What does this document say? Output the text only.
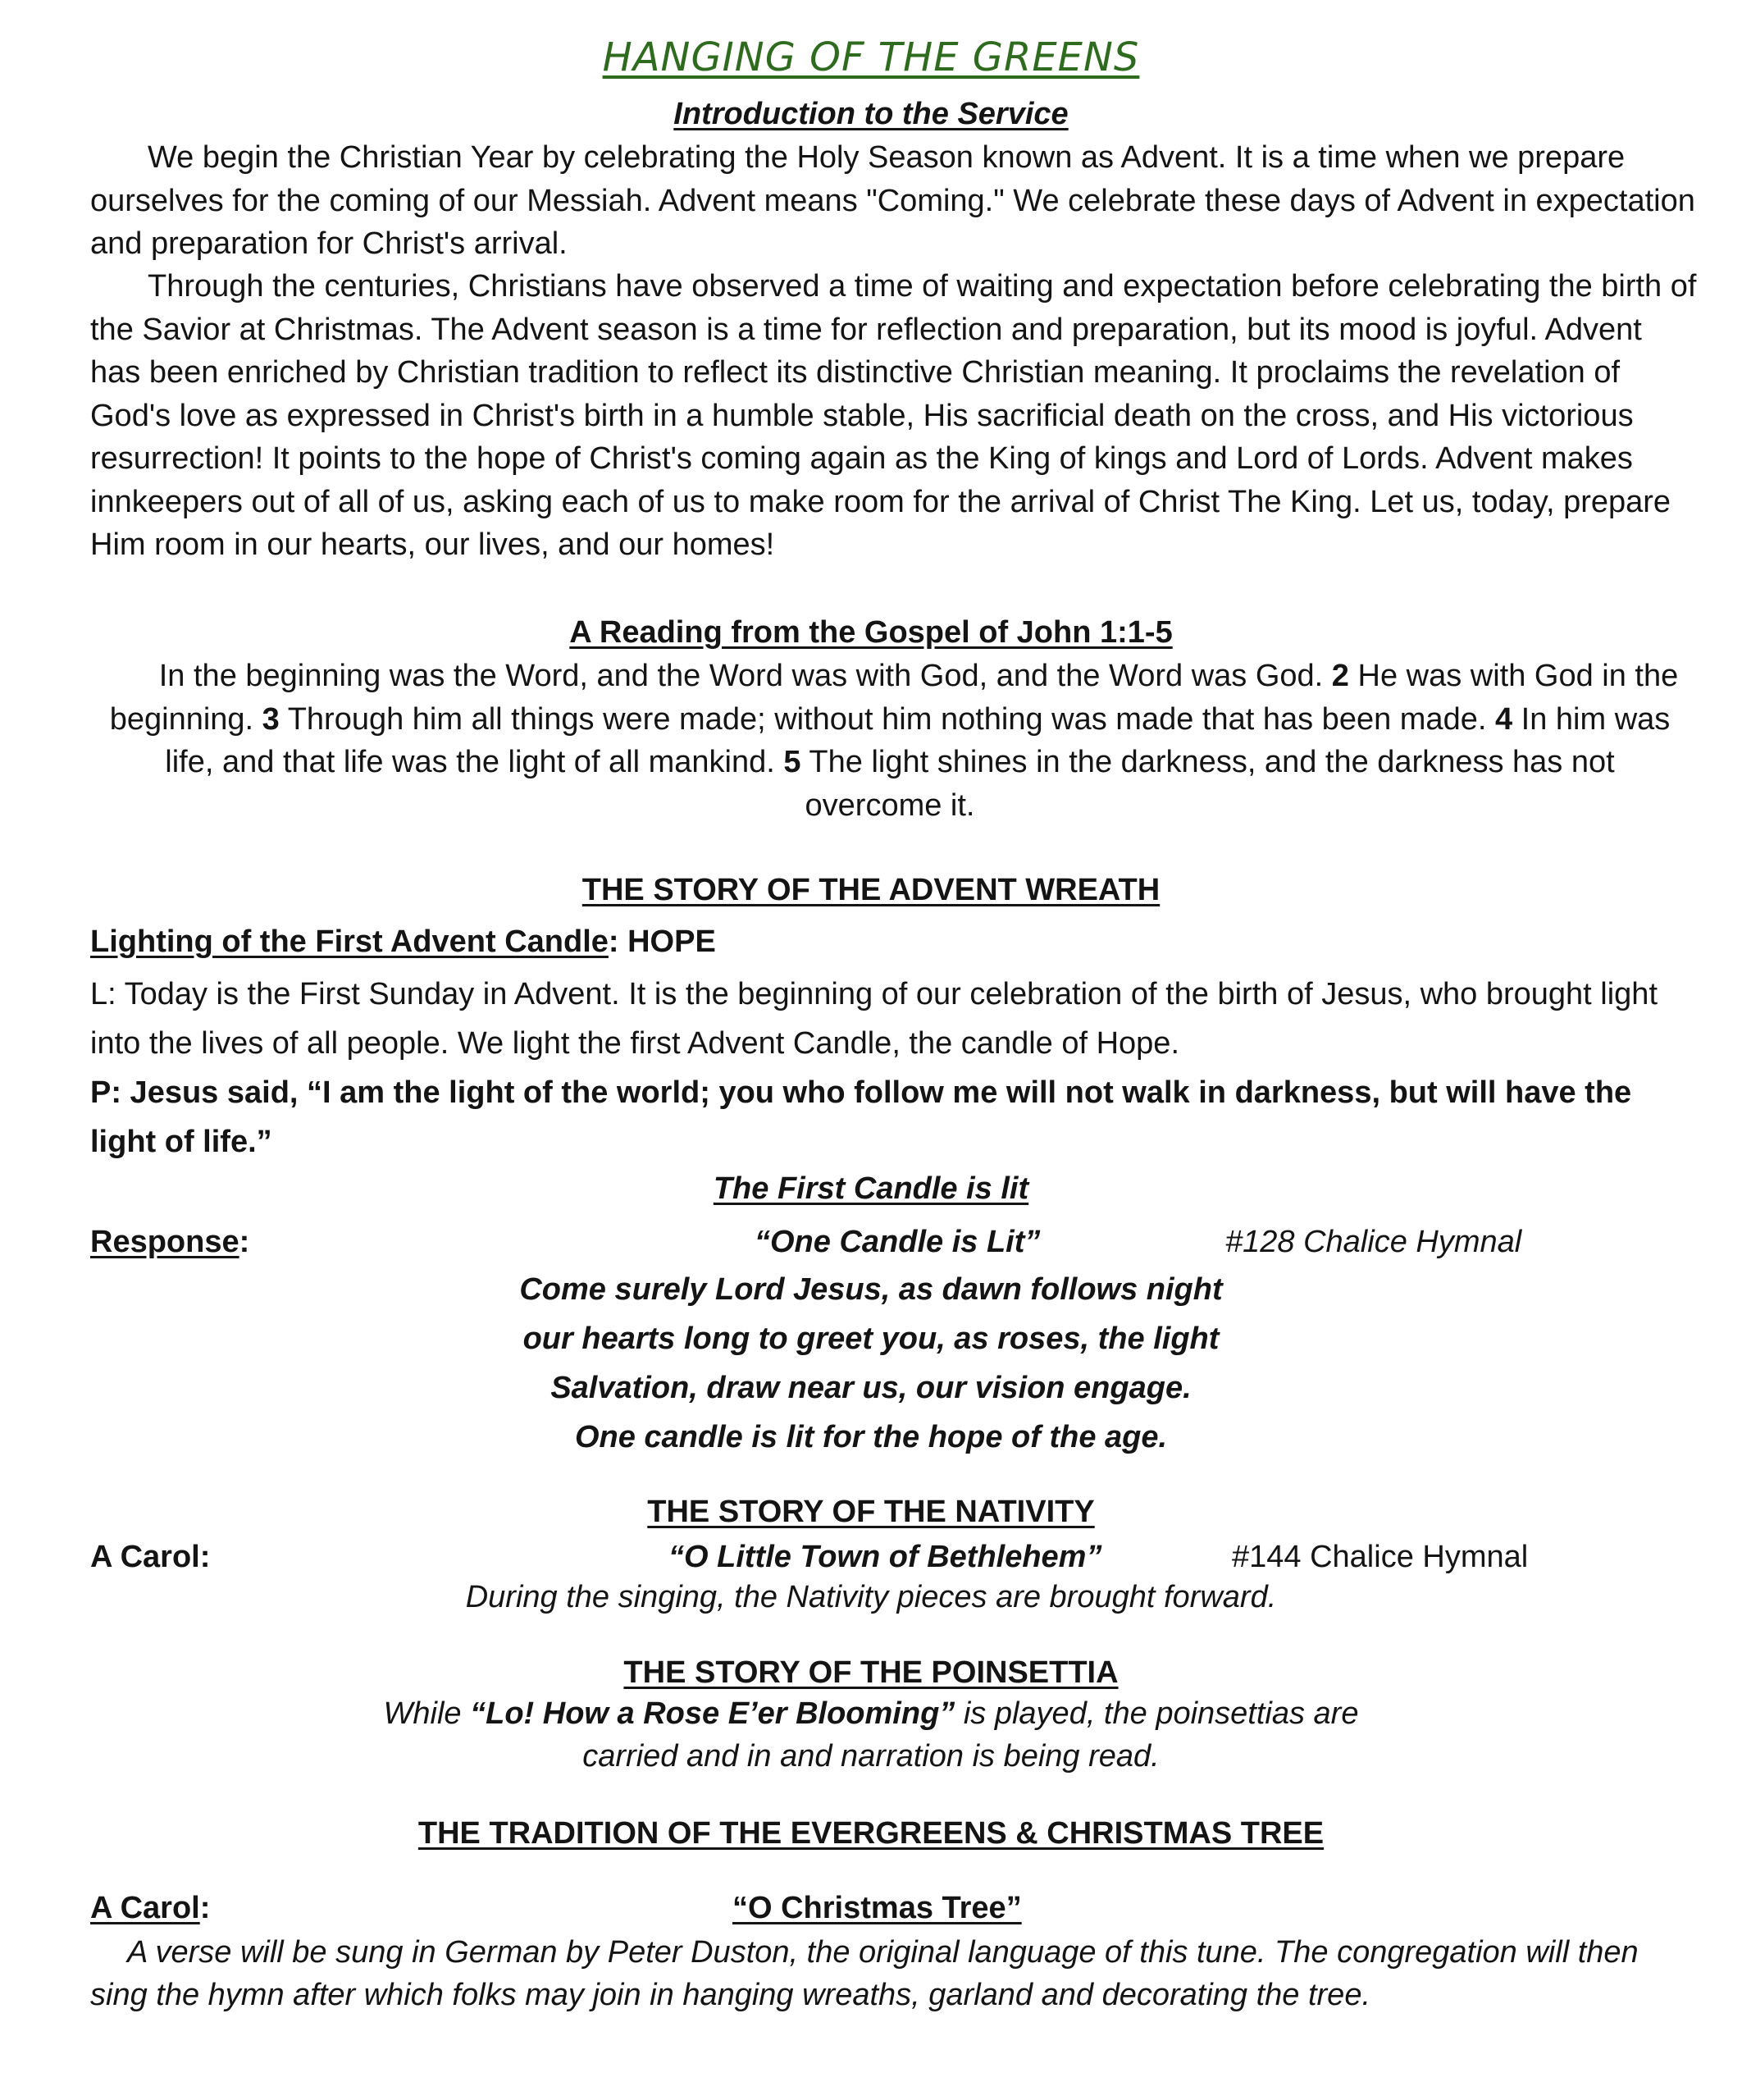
HANGING OF THE GREENS
Introduction to the Service
We begin the Christian Year by celebrating the Holy Season known as Advent. It is a time when we prepare ourselves for the coming of our Messiah. Advent means "Coming." We celebrate these days of Advent in expectation and preparation for Christ's arrival.
Through the centuries, Christians have observed a time of waiting and expectation before celebrating the birth of the Savior at Christmas. The Advent season is a time for reflection and preparation, but its mood is joyful. Advent has been enriched by Christian tradition to reflect its distinctive Christian meaning. It proclaims the revelation of God's love as expressed in Christ's birth in a humble stable, His sacrificial death on the cross, and His victorious resurrection! It points to the hope of Christ's coming again as the King of kings and Lord of Lords. Advent makes innkeepers out of all of us, asking each of us to make room for the arrival of Christ The King. Let us, today, prepare Him room in our hearts, our lives, and our homes!
A Reading from the Gospel of John 1:1-5
In the beginning was the Word, and the Word was with God, and the Word was God. 2 He was with God in the beginning. 3 Through him all things were made; without him nothing was made that has been made. 4 In him was life, and that life was the light of all mankind. 5 The light shines in the darkness, and the darkness has not overcome it.
THE STORY OF THE ADVENT WREATH
Lighting of the First Advent Candle: HOPE
L: Today is the First Sunday in Advent. It is the beginning of our celebration of the birth of Jesus, who brought light into the lives of all people. We light the first Advent Candle, the candle of Hope.
P: Jesus said, “I am the light of the world; you who follow me will not walk in darkness, but will have the light of life.”
The First Candle is lit
Response:	“One Candle is Lit”	#128 Chalice Hymnal
Come surely Lord Jesus, as dawn follows night
our hearts long to greet you, as roses, the light
Salvation, draw near us, our vision engage.
One candle is lit for the hope of the age.
THE STORY OF THE NATIVITY
A Carol:	“O Little Town of Bethlehem”	#144 Chalice Hymnal
During the singing, the Nativity pieces are brought forward.
THE STORY OF THE POINSETTIA
While “Lo! How a Rose E’er Blooming” is played, the poinsettias are
carried and in and narration is being read.
THE TRADITION OF THE EVERGREENS & CHRISTMAS TREE
A Carol:	“O Christmas Tree”
A verse will be sung in German by Peter Duston, the original language of this tune. The congregation will then sing the hymn after which folks may join in hanging wreaths, garland and decorating the tree.
